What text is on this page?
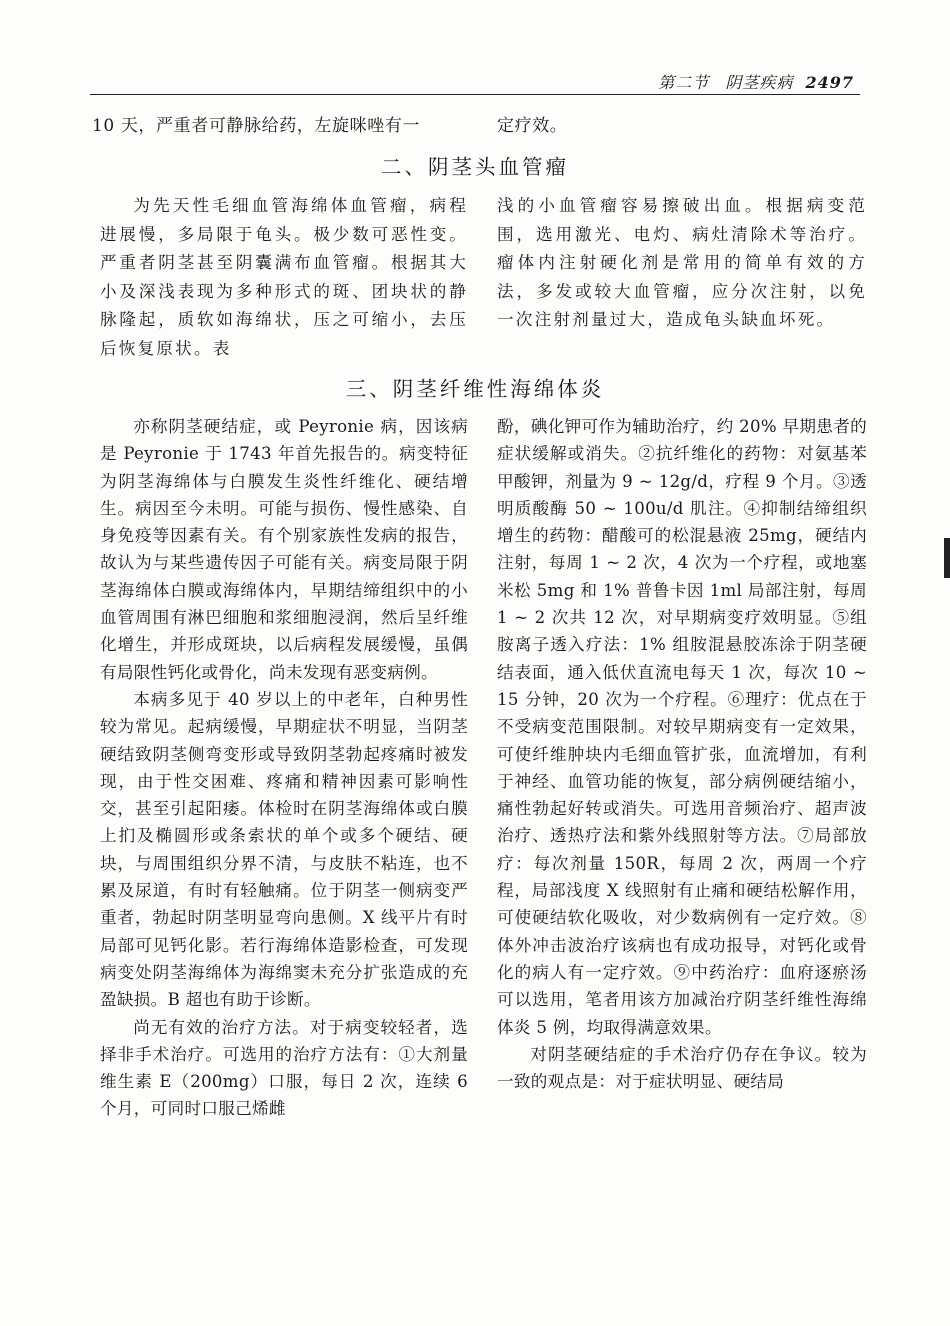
第二节 阴茎疾病 2497
10 天，严重者可静脉给药，左旋咪唑有一	定疗效。
二、阴茎头血管瘤

为先天性毛细血管海绵体血管瘤，病程进展慢，多局限于龟头。极少数可恶性变。严重者阴茎甚至阴囊满布血管瘤。根据其大小及深浅表现为多种形式的斑、团块状的静脉隆起，质软如海绵状，压之可缩小，去压后恢复原状。表

浅的小血管瘤容易擦破出血。根据病变范围，选用激光、电灼、病灶清除术等治疗。瘤体内注射硬化剂是常用的简单有效的方法，多发或较大血管瘤，应分次注射，以免一次注射剂量过大，造成龟头缺血坏死。

三、阴茎纤维性海绵体炎

亦称阴茎硬结症，或 Peyronie 病，因该病是 Peyronie 于 1743 年首先报告的。病变特征为阴茎海绵体与白膜发生炎性纤维化、硬结增生。病因至今未明。可能与损伤、慢性感染、自身免疫等因素有关。有个别家族性发病的报告，故认为与某些遗传因子可能有关。病变局限于阴茎海绵体白膜或海绵体内，早期结缔组织中的小血管周围有淋巴细胞和浆细胞浸润，然后呈纤维化增生，并形成斑块，以后病程发展缓慢，虽偶有局限性钙化或骨化，尚未发现有恶变病例。

本病多见于 40 岁以上的中老年，白种男性较为常见。起病缓慢，早期症状不明显，当阴茎硬结致阴茎侧弯变形或导致阴茎勃起疼痛时被发现，由于性交困难、疼痛和精神因素可影响性交，甚至引起阳痿。体检时在阴茎海绵体或白膜上扪及椭圆形或条索状的单个或多个硬结、硬块，与周围组织分界不清，与皮肤不粘连，也不累及尿道，有时有轻触痛。位于阴茎一侧病变严重者，勃起时阴茎明显弯向患侧。X 线平片有时局部可见钙化影。若行海绵体造影检查，可发现病变处阴茎海绵体为海绵窦未充分扩张造成的充盈缺损。B 超也有助于诊断。

尚无有效的治疗方法。对于病变较轻者，选择非手术治疗。可选用的治疗方法有：①大剂量维生素 E（200mg）口服，每日 2 次，连续 6 个月，可同时口服己烯雌

酚，碘化钾可作为辅助治疗，约 20% 早期患者的症状缓解或消失。②抗纤维化的药物：对氨基苯甲酸钾，剂量为 9 ~ 12g/d，疗程 9 个月。③透明质酸酶 50 ~ 100u/d 肌注。④抑制结缔组织增生的药物：醋酸可的松混悬液 25mg，硬结内注射，每周 1 ~ 2 次，4 次为一个疗程，或地塞米松 5mg 和 1% 普鲁卡因 1ml 局部注射，每周 1 ~ 2 次共 12 次，对早期病变疗效明显。⑤组胺离子透入疗法：1% 组胺混悬胶冻涂于阴茎硬结表面，通入低伏直流电每天 1 次，每次 10 ~ 15 分钟，20 次为一个疗程。⑥理疗：优点在于不受病变范围限制。对较早期病变有一定效果，可使纤维肿块内毛细血管扩张，血流增加，有利于神经、血管功能的恢复，部分病例硬结缩小，痛性勃起好转或消失。可选用音频治疗、超声波治疗、透热疗法和紫外线照射等方法。⑦局部放疗：每次剂量 150R，每周 2 次，两周一个疗程，局部浅度 X 线照射有止痛和硬结松解作用，可使硬结软化吸收，对少数病例有一定疗效。⑧体外冲击波治疗该病也有成功报导，对钙化或骨化的病人有一定疗效。⑨中药治疗：血府逐瘀汤可以选用，笔者用该方加减治疗阴茎纤维性海绵体炎 5 例，均取得满意效果。

对阴茎硬结症的手术治疗仍存在争议。较为一致的观点是：对于症状明显、硬结局
